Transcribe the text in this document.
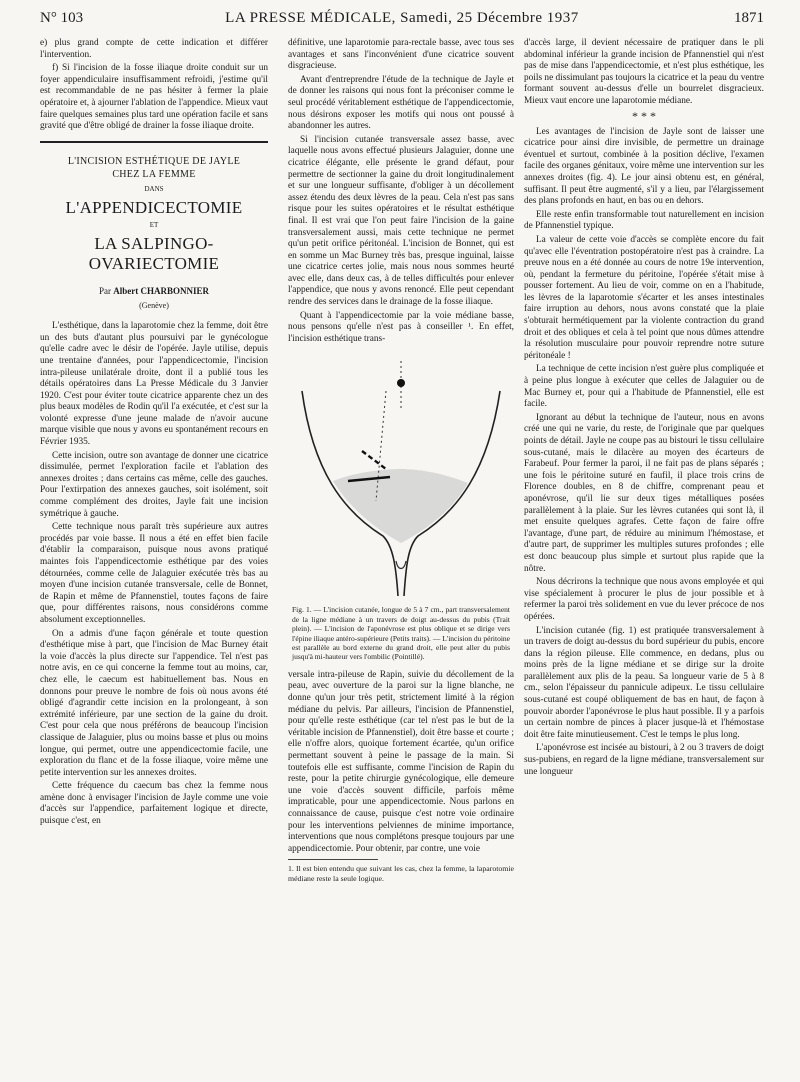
N° 103	LA PRESSE MÉDICALE, Samedi, 25 Décembre 1937	1871

e) plus grand compte de cette indication et différer l'intervention.

f) Si l'incision de la fosse iliaque droite conduit sur un foyer appendiculaire insuffisamment refroidi, j'estime qu'il est recommandable de ne pas hésiter à fermer la plaie opératoire et, à ajourner l'ablation de l'appendice. Mieux vaut faire quelques semaines plus tard une opération facile et sans gravité que d'être obligé de drainer la fosse iliaque droite.

L'INCISION ESTHÉTIQUE DE JAYLE
CHEZ LA FEMME
DANS
L'APPENDICECTOMIE
ET
LA SALPINGO-OVARIECTOMIE
Par Albert CHARBONNIER
(Genève)

L'esthétique, dans la laparotomie chez la femme, doit être un des buts d'autant plus poursuivi par le gynécologue qu'elle cadre avec le désir de l'opérée. Jayle utilise, depuis une trentaine d'années, pour l'appendicectomie, l'incision intra-pileuse unilatérale droite, dont il a publié tous les détails opératoires dans La Presse Médicale du 3 Janvier 1920. C'est pour éviter toute cicatrice apparente chez un des plus beaux modèles de Rodin qu'il l'a exécutée, et c'est sur la volonté expresse d'une jeune malade de n'avoir aucune marque visible que nous y avons eu spontanément recours en Février 1935.

Cette incision, outre son avantage de donner une cicatrice dissimulée, permet l'exploration facile et l'ablation des annexes droites ; dans certains cas même, celle des gauches. Pour l'extirpation des annexes gauches, soit isolément, soit comme complément des droites, Jayle fait une incision symétrique à gauche.

Cette technique nous paraît très supérieure aux autres procédés par voie basse. Il nous a été en effet bien facile d'établir la comparaison, puisque nous avons pratiqué maintes fois l'appendicectomie esthétique par des voies détournées, comme celle de Jalaguier exécutée très bas au moyen d'une incision cutanée transversale, celle de Bonnet, de Rapin et même de Pfannenstiel, toutes façons de faire que, pour différentes raisons, nous considérons comme absolument exceptionnelles.

On a admis d'une façon générale et toute question d'esthétique mise à part, que l'incision de Mac Burney était la voie d'accès la plus directe sur l'appendice. Tel n'est pas notre avis, en ce qui concerne la femme tout au moins, car, chez elle, le caecum est habituellement bas. Nous en donnons pour preuve le nombre de fois où nous avons été obligé d'agrandir cette incision en la prolongeant, à son extrémité inférieure, par une section de la gaine du droit. C'est pour cela que nous préférons de beaucoup l'incision classique de Jalaguier, plus ou moins basse et plus ou moins longue, qui permet, outre une appendicectomie facile, une exploration du flanc et de la fosse iliaque, voire même une petite intervention sur les annexes droites.

Cette fréquence du caecum bas chez la femme nous amène donc à envisager l'incision de Jayle comme une voie d'accès sur l'appendice, parfaitement logique et directe, puisque c'est, en

définitive, une laparotomie para-rectale basse, avec tous ses avantages et sans l'inconvénient d'une cicatrice souvent disgracieuse.

Avant d'entreprendre l'étude de la technique de Jayle et de donner les raisons qui nous font la préconiser comme le seul procédé véritablement esthétique de l'appendicectomie, nous désirons exposer les motifs qui nous ont poussé à abandonner les autres.

Si l'incision cutanée transversale assez basse, avec laquelle nous avons effectué plusieurs Jalaguier, donne une cicatrice élégante, elle présente le grand défaut, pour permettre de sectionner la gaine du droit longitudinalement et sur une longueur suffisante, d'obliger à un décollement assez étendu des deux lèvres de la peau. Cela n'est pas sans risque pour les suites opératoires et le résultat esthétique final. Il est vrai que l'on peut faire l'incision de la gaine transversalement aussi, mais cette technique ne permet qu'un petit orifice péritonéal. L'incision de Bonnet, qui est en somme un Mac Burney très bas, presque inguinal, laisse une cicatrice certes jolie, mais nous nous sommes heurté avec elle, dans deux cas, à de telles difficultés pour enlever l'appendice, que nous y avons renoncé. Elle peut cependant rendre des services dans le drainage de la fosse iliaque.

Quant à l'appendicectomie par la voie médiane basse, nous pensons qu'elle n'est pas à conseiller ¹. En effet, l'incision esthétique trans-

Fig. 1. — L'incision cutanée, longue de 5 à 7 cm., part transversalement de la ligne médiane à un travers de doigt au-dessus du pubis (Trait plein). — L'incision de l'aponévrose est plus oblique et se dirige vers l'épine iliaque antéro-supérieure (Petits traits). — L'incision du péritoine est parallèle au bord externe du grand droit, elle peut aller du pubis jusqu'à mi-hauteur vers l'ombilic (Pointillé).

versale intra-pileuse de Rapin, suivie du décollement de la peau, avec ouverture de la paroi sur la ligne blanche, ne donne qu'un jour très petit, strictement limité à la région médiane du pelvis. Par ailleurs, l'incision de Pfannenstiel, pour qu'elle reste esthétique (car tel n'est pas le but de la véritable incision de Pfannenstiel), doit être basse et courte ; elle n'offre alors, quoique fortement écartée, qu'un orifice permettant souvent à peine le passage de la main. Si toutefois elle est suffisante, comme l'incision de Rapin du reste, pour la petite chirurgie gynécologique, elle demeure une voie d'accès souvent difficile, parfois même impraticable, pour une appendicectomie. Nous parlons en connaissance de cause, puisque c'est notre voie ordinaire pour les interventions pelviennes de minime importance, interventions que nous complétons presque toujours par une appendicectomie. Pour obtenir, par contre, une voie

1. Il est bien entendu que suivant les cas, chez la femme, la laparotomie médiane reste la seule logique.

d'accès large, il devient nécessaire de pratiquer dans le pli abdominal inférieur la grande incision de Pfannenstiel qui n'est pas de mise dans l'appendicectomie, et n'est plus esthétique, les poils ne dissimulant pas toujours la cicatrice et la peau du ventre formant souvent au-dessus d'elle un bourrelet disgracieux. Mieux vaut encore une laparotomie médiane.

* * *

Les avantages de l'incision de Jayle sont de laisser une cicatrice pour ainsi dire invisible, de permettre un drainage éventuel et surtout, combinée à la position déclive, l'examen facile des organes génitaux, voire même une intervention sur les annexes droites (fig. 4). Le jour ainsi obtenu est, en général, suffisant. Il peut être augmenté, s'il y a lieu, par l'élargissement des plans profonds en haut, en bas ou en dehors.

Elle reste enfin transformable tout naturellement en incision de Pfannenstiel typique.

La valeur de cette voie d'accès se complète encore du fait qu'avec elle l'éventration postopératoire n'est pas à craindre. La preuve nous en a été donnée au cours de notre 19e intervention, où, pendant la fermeture du péritoine, l'opérée s'était mise à pousser fortement. Au lieu de voir, comme on en a l'habitude, les lèvres de la laparotomie s'écarter et les anses intestinales faire irruption au dehors, nous avons constaté que la plaie s'obturait hermétiquement par la violente contraction du grand droit et des obliques et cela à tel point que nous dûmes attendre la résolution musculaire pour pouvoir reprendre notre suture péritonéale !

La technique de cette incision n'est guère plus compliquée et à peine plus longue à exécuter que celles de Jalaguier ou de Mac Burney et, pour qui a l'habitude de Pfannenstiel, elle est facile.

Ignorant au début la technique de l'auteur, nous en avons créé une qui ne varie, du reste, de l'originale que par quelques points de détail. Jayle ne coupe pas au bistouri le tissu cellulaire sous-cutané, mais le dilacère au moyen des écarteurs de Farabeuf. Pour fermer la paroi, il ne fait pas de plans séparés ; une fois le péritoine suturé en faufil, il place trois crins de Florence doubles, en 8 de chiffre, comprenant peau et aponévrose, qu'il lie sur deux tiges métalliques posées parallèlement à la plaie. Sur les lèvres cutanées qui sont là, il met ensuite quelques agrafes. Cette façon de faire offre l'avantage, d'une part, de réduire au minimum l'hémostase, et d'autre part, de supprimer les multiples sutures profondes ; elle est donc beaucoup plus simple et surtout plus rapide que la nôtre.

Nous décrirons la technique que nous avons employée et qui vise spécialement à procurer le plus de jour possible et à refermer la paroi très solidement en vue du lever précoce de nos opérées.

L'incision cutanée (fig. 1) est pratiquée transversalement à un travers de doigt au-dessus du bord supérieur du pubis, encore dans la région pileuse. Elle commence, en dedans, plus ou moins près de la ligne médiane et se dirige sur la droite parallèlement aux plis de la peau. Sa longueur varie de 5 à 8 cm., selon l'épaisseur du pannicule adipeux. Le tissu cellulaire sous-cutané est coupé obliquement de bas en haut, de façon à pouvoir aborder l'aponévrose le plus haut possible. Il y a parfois un certain nombre de pinces à placer jusque-là et l'hémostase doit être faite minutieusement. C'est le temps le plus long.

L'aponévrose est incisée au bistouri, à 2 ou 3 travers de doigt sus-pubiens, en regard de la ligne médiane, transversalement sur une longueur
